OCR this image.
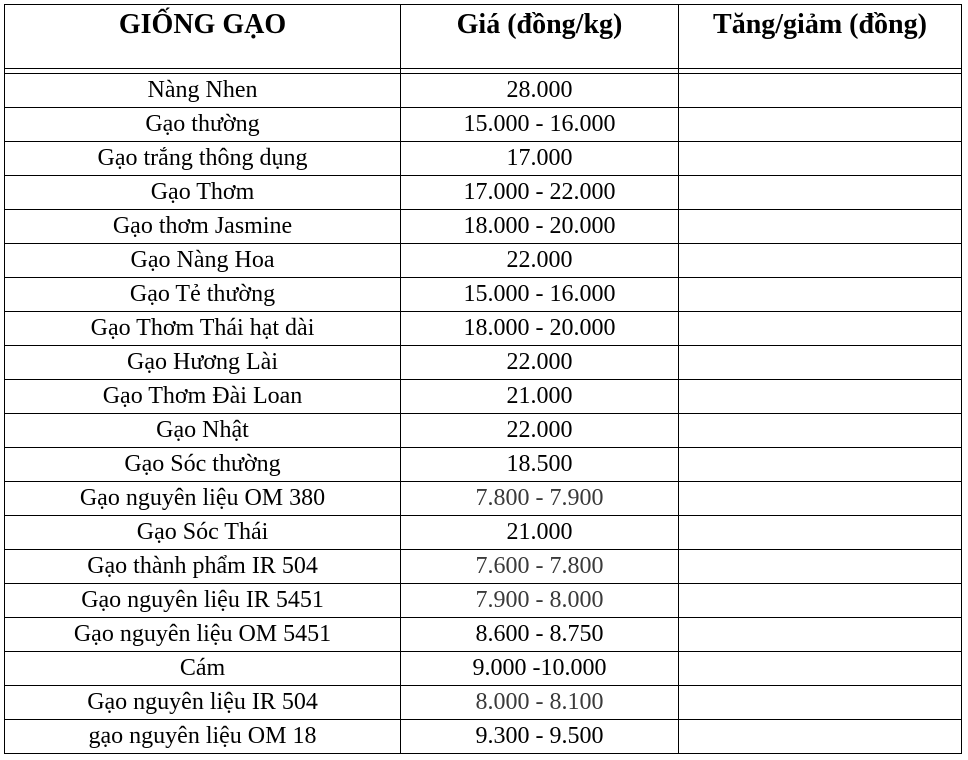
GIỐNG GẠO	Giá (đồng/kg)	Tăng/giảm (đồng)

Nàng Nhen	28.000	
Gạo thường	15.000 - 16.000	
Gạo trắng thông dụng	17.000	
Gạo Thơm	17.000 - 22.000	
Gạo thơm Jasmine	18.000 - 20.000	
Gạo Nàng Hoa	22.000	
Gạo Tẻ thường	15.000 - 16.000	
Gạo Thơm Thái hạt dài	18.000 - 20.000	
Gạo Hương Lài	22.000	
Gạo Thơm Đài Loan	21.000	
Gạo Nhật	22.000	
Gạo Sóc thường	18.500	
Gạo nguyên liệu OM 380	7.800 - 7.900	
Gạo Sóc Thái	21.000	
Gạo thành phẩm IR 504	7.600 - 7.800	
Gạo nguyên liệu IR 5451	7.900 - 8.000	
Gạo nguyên liệu OM 5451	8.600 - 8.750	
Cám	9.000 -10.000	
Gạo nguyên liệu IR 504	8.000 - 8.100	
gạo nguyên liệu OM 18	9.300 - 9.500	
